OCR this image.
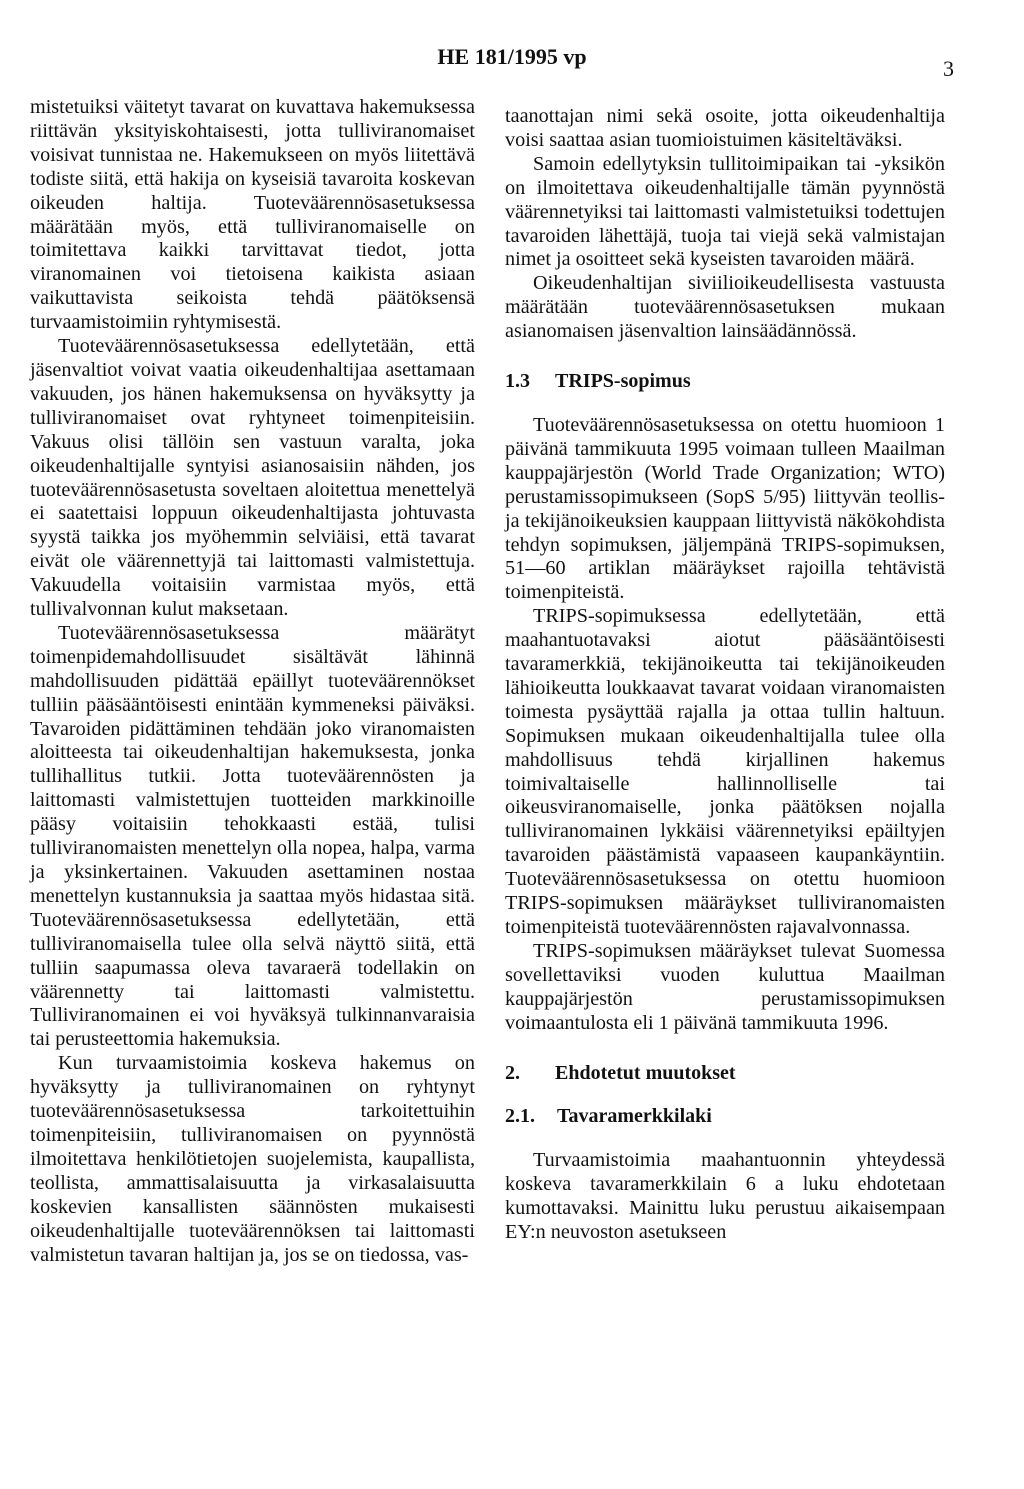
HE 181/1995 vp	3

mistetuiksi väitetyt tavarat on kuvattava hakemuksessa riittävän yksityiskohtaisesti, jotta tulliviranomaiset voisivat tunnistaa ne. Hakemukseen on myös liitettävä todiste siitä, että hakija on kyseisiä tavaroita koskevan oikeuden haltija. Tuoteväärennösasetuksessa määrätään myös, että tulliviranomaiselle on toimitettava kaikki tarvittavat tiedot, jotta viranomainen voi tietoisena kaikista asiaan vaikuttavista seikoista tehdä päätöksensä turvaamistoimiin ryhtymisestä.

Tuoteväärennösasetuksessa edellytetään, että jäsenvaltiot voivat vaatia oikeudenhaltijaa asettamaan vakuuden, jos hänen hakemuksensa on hyväksytty ja tulliviranomaiset ovat ryhtyneet toimenpiteisiin. Vakuus olisi tällöin sen vastuun varalta, joka oikeudenhaltijalle syntyisi asianosaisiin nähden, jos tuoteväärennösasetusta soveltaen aloitettua menettelyä ei saatettaisi loppuun oikeudenhaltijasta johtuvasta syystä taikka jos myöhemmin selviäisi, että tavarat eivät ole väärennettyjä tai laittomasti valmistettuja. Vakuudella voitaisiin varmistaa myös, että tullivalvonnan kulut maksetaan.

Tuoteväärennösasetuksessa määrätyt toimenpidemahdollisuudet sisältävät lähinnä mahdollisuuden pidättää epäillyt tuoteväärennökset tulliin pääsääntöisesti enintään kymmeneksi päiväksi. Tavaroiden pidättäminen tehdään joko viranomaisten aloitteesta tai oikeudenhaltijan hakemuksesta, jonka tullihallitus tutkii. Jotta tuoteväärennösten ja laittomasti valmistettujen tuotteiden markkinoille pääsy voitaisiin tehokkaasti estää, tulisi tulliviranomaisten menettelyn olla nopea, halpa, varma ja yksinkertainen. Vakuuden asettaminen nostaa menettelyn kustannuksia ja saattaa myös hidastaa sitä. Tuoteväärennösasetuksessa edellytetään, että tulliviranomaisella tulee olla selvä näyttö siitä, että tulliin saapumassa oleva tavaraerä todellakin on väärennetty tai laittomasti valmistettu. Tulliviranomainen ei voi hyväksyä tulkinnanvaraisia tai perusteettomia hakemuksia.

Kun turvaamistoimia koskeva hakemus on hyväksytty ja tulliviranomainen on ryhtynyt tuoteväärennösasetuksessa tarkoitettuihin toimenpiteisiin, tulliviranomaisen on pyynnöstä ilmoitettava henkilötietojen suojelemista, kaupallista, teollista, ammattisalaisuutta ja virkasalaisuutta koskevien kansallisten säännösten mukaisesti oikeudenhaltijalle tuoteväärennöksen tai laittomasti valmistetun tavaran haltijan ja, jos se on tiedossa, vas-

taanottajan nimi sekä osoite, jotta oikeudenhaltija voisi saattaa asian tuomioistuimen käsiteltäväksi.

Samoin edellytyksin tullitoimipaikan tai -yksikön on ilmoitettava oikeudenhaltijalle tämän pyynnöstä väärennetyiksi tai laittomasti valmistetuiksi todettujen tavaroiden lähettäjä, tuoja tai viejä sekä valmistajan nimet ja osoitteet sekä kyseisten tavaroiden määrä.

Oikeudenhaltijan siviilioikeudellisesta vastuusta määrätään tuoteväärennösasetuksen mukaan asianomaisen jäsenvaltion lainsäädännössä.

1.3 TRIPS-sopimus

Tuoteväärennösasetuksessa on otettu huomioon 1 päivänä tammikuuta 1995 voimaan tulleen Maailman kauppajärjestön (World Trade Organization; WTO) perustamissopimukseen (SopS 5/95) liittyvän teollis- ja tekijänoikeuksien kauppaan liittyvistä näkökohdista tehdyn sopimuksen, jäljempänä TRIPS-sopimuksen, 51—60 artiklan määräykset rajoilla tehtävistä toimenpiteistä.

TRIPS-sopimuksessa edellytetään, että maahantuotavaksi aiotut pääsääntöisesti tavaramerkkiä, tekijänoikeutta tai tekijänoikeuden lähioikeutta loukkaavat tavarat voidaan viranomaisten toimesta pysäyttää rajalla ja ottaa tullin haltuun. Sopimuksen mukaan oikeudenhaltijalla tulee olla mahdollisuus tehdä kirjallinen hakemus toimivaltaiselle hallinnolliselle tai oikeusviranomaiselle, jonka päätöksen nojalla tulliviranomainen lykkäisi väärennetyiksi epäiltyjen tavaroiden päästämistä vapaaseen kaupankäyntiin. Tuoteväärennösasetuksessa on otettu huomioon TRIPS-sopimuksen määräykset tulliviranomaisten toimenpiteistä tuoteväärennösten rajavalvonnassa.

TRIPS-sopimuksen määräykset tulevat Suomessa sovellettaviksi vuoden kuluttua Maailman kauppajärjestön perustamissopimuksen voimaantulosta eli 1 päivänä tammikuuta 1996.

2.	Ehdotetut muutokset
2.1. Tavaramerkkilaki

Turvaamistoimia maahantuonnin yhteydessä koskeva tavaramerkkilain 6 a luku ehdotetaan kumottavaksi. Mainittu luku perustuu aikaisempaan EY:n neuvoston asetukseen
